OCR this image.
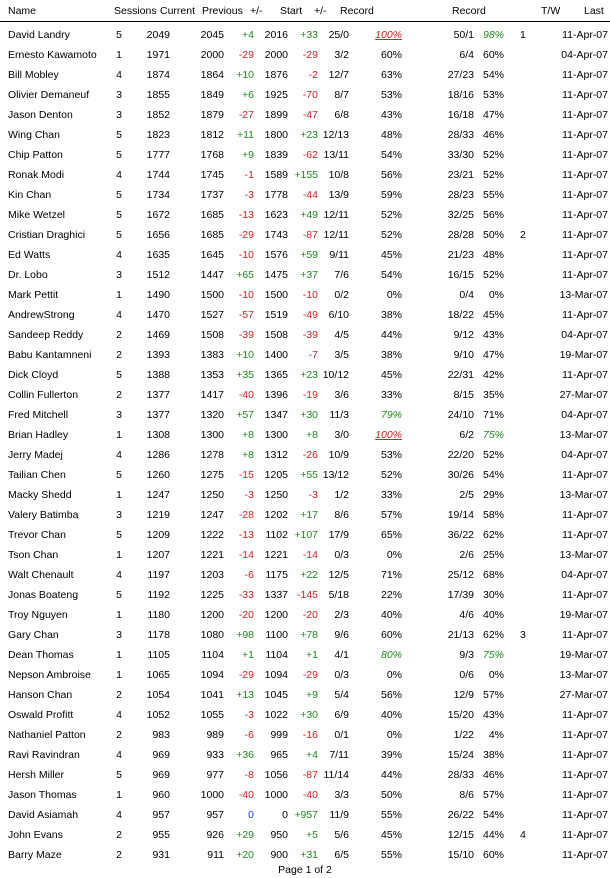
Name	Sessions Current Previous +/- Start +/- Record	Record	T/W Last
David Landry	5	2049	2045	+4	2016	+33	25/0	100%	50/1 98% 1	11-Apr-07
Ernesto Kawamoto	1	1971	2000	-29	2000	-29	3/2	60%	6/4 60%	04-Apr-07
Bill Mobley	4	1874	1864	+10	1876	-2	12/7	63%	27/23 54%	11-Apr-07
Olivier Demaneuf	3	1855	1849	+6	1925	-70	8/7	53%	18/16 53%	11-Apr-07
Jason Denton	3	1852	1879	-27	1899	-47	6/8	43%	16/18 47%	11-Apr-07
Wing Chan	5	1823	1812	+11	1800	+23 12/13	48%	28/33 46%	11-Apr-07
Chip Patton	5	1777	1768	+9	1839	-62 13/11	54%	33/30 52%	11-Apr-07
Ronak Modi	4	1744	1745	-1	1589 +155	10/8	56%	23/21 52%	11-Apr-07
Kin Chan	5	1734	1737	-3	1778	-44	13/9	59%	28/23 55%	11-Apr-07
Mike Wetzel	5	1672	1685	-13	1623	+49 12/11	52%	32/25 56%	11-Apr-07
Cristian Draghici	5	1656	1685	-29	1743	-87 12/11	52%	28/28 50% 2	11-Apr-07
Ed Watts	4	1635	1645	-10	1576	+59	9/11	45%	21/23 48%	11-Apr-07
Dr. Lobo	3	1512	1447	+65	1475	+37	7/6	54%	16/15 52%	11-Apr-07
Mark Pettit	1	1490	1500	-10	1500	-10	0/2	0%	0/4	0%	13-Mar-07
AndrewStrong	4	1470	1527	-57	1519	-49	6/10	38%	18/22 45%	11-Apr-07
Sandeep Reddy	2	1469	1508	-39	1508	-39	4/5	44%	9/12 43%	04-Apr-07
Babu Kantamneni	2	1393	1383	+10	1400	-7	3/5	38%	9/10 47%	19-Mar-07
Dick Cloyd	5	1388	1353	+35	1365	+23 10/12	45%	22/31 42%	11-Apr-07
Collin Fullerton	2	1377	1417	-40	1396	-19	3/6	33%	8/15 35%	27-Mar-07
Fred Mitchell	3	1377	1320	+57	1347	+30	11/3	79%	24/10 71%	04-Apr-07
Brian Hadley	1	1308	1300	+8	1300	+8	3/0	100%	6/2 75%	13-Mar-07
Jerry Madej	4	1286	1278	+8	1312	-26	10/9	53%	22/20 52%	04-Apr-07
Tailian Chen	5	1260	1275	-15	1205	+55 13/12	52%	30/26 54%	11-Apr-07
Macky Shedd	1	1247	1250	-3	1250	-3	1/2	33%	2/5 29%	13-Mar-07
Valery Batimba	3	1219	1247	-28	1202	+17	8/6	57%	19/14 58%	11-Apr-07
Trevor Chan	5	1209	1222	-13	1102 +107	17/9	65%	36/22 62%	11-Apr-07
Tson Chan	1	1207	1221	-14	1221	-14	0/3	0%	2/6 25%	13-Mar-07
Walt Chenault	4	1197	1203	-6	1175	+22	12/5	71%	25/12 68%	04-Apr-07
Jonas Boateng	5	1192	1225	-33	1337 -145	5/18	22%	17/39 30%	11-Apr-07
Troy Nguyen	1	1180	1200	-20	1200	-20	2/3	40%	4/6 40%	19-Mar-07
Gary Chan	3	1178	1080	+98	1100	+78	9/6	60%	21/13 62% 3	11-Apr-07
Dean Thomas	1	1105	1104	+1	1104	+1	4/1	80%	9/3 75%	19-Mar-07
Nepson Ambroise	1	1065	1094	-29	1094	-29	0/3	0%	0/6	0%	13-Mar-07
Hanson Chan	2	1054	1041	+13	1045	+9	5/4	56%	12/9 57%	27-Mar-07
Oswald Profitt	4	1052	1055	-3	1022	+30	6/9	40%	15/20 43%	11-Apr-07
Nathaniel Patton	2	983	989	-6	999	-16	0/1	0%	1/22	4%	11-Apr-07
Ravi Ravindran	4	969	933	+36	965	+4	7/11	39%	15/24 38%	11-Apr-07
Hersh Miller	5	969	977	-8	1056	-87 11/14	44%	28/33 46%	11-Apr-07
Jason Thomas	1	960	1000	-40	1000	-40	3/3	50%	8/6 57%	11-Apr-07
David Asiamah	4	957	957	0	0 +957	11/9	55%	26/22 54%	11-Apr-07
John Evans	2	955	926	+29	950	+5	5/6	45%	12/15 44% 4	11-Apr-07
Barry Maze	2	931	911	+20	900	+31	6/5	55%	15/10 60%	11-Apr-07
Page 1 of 2
